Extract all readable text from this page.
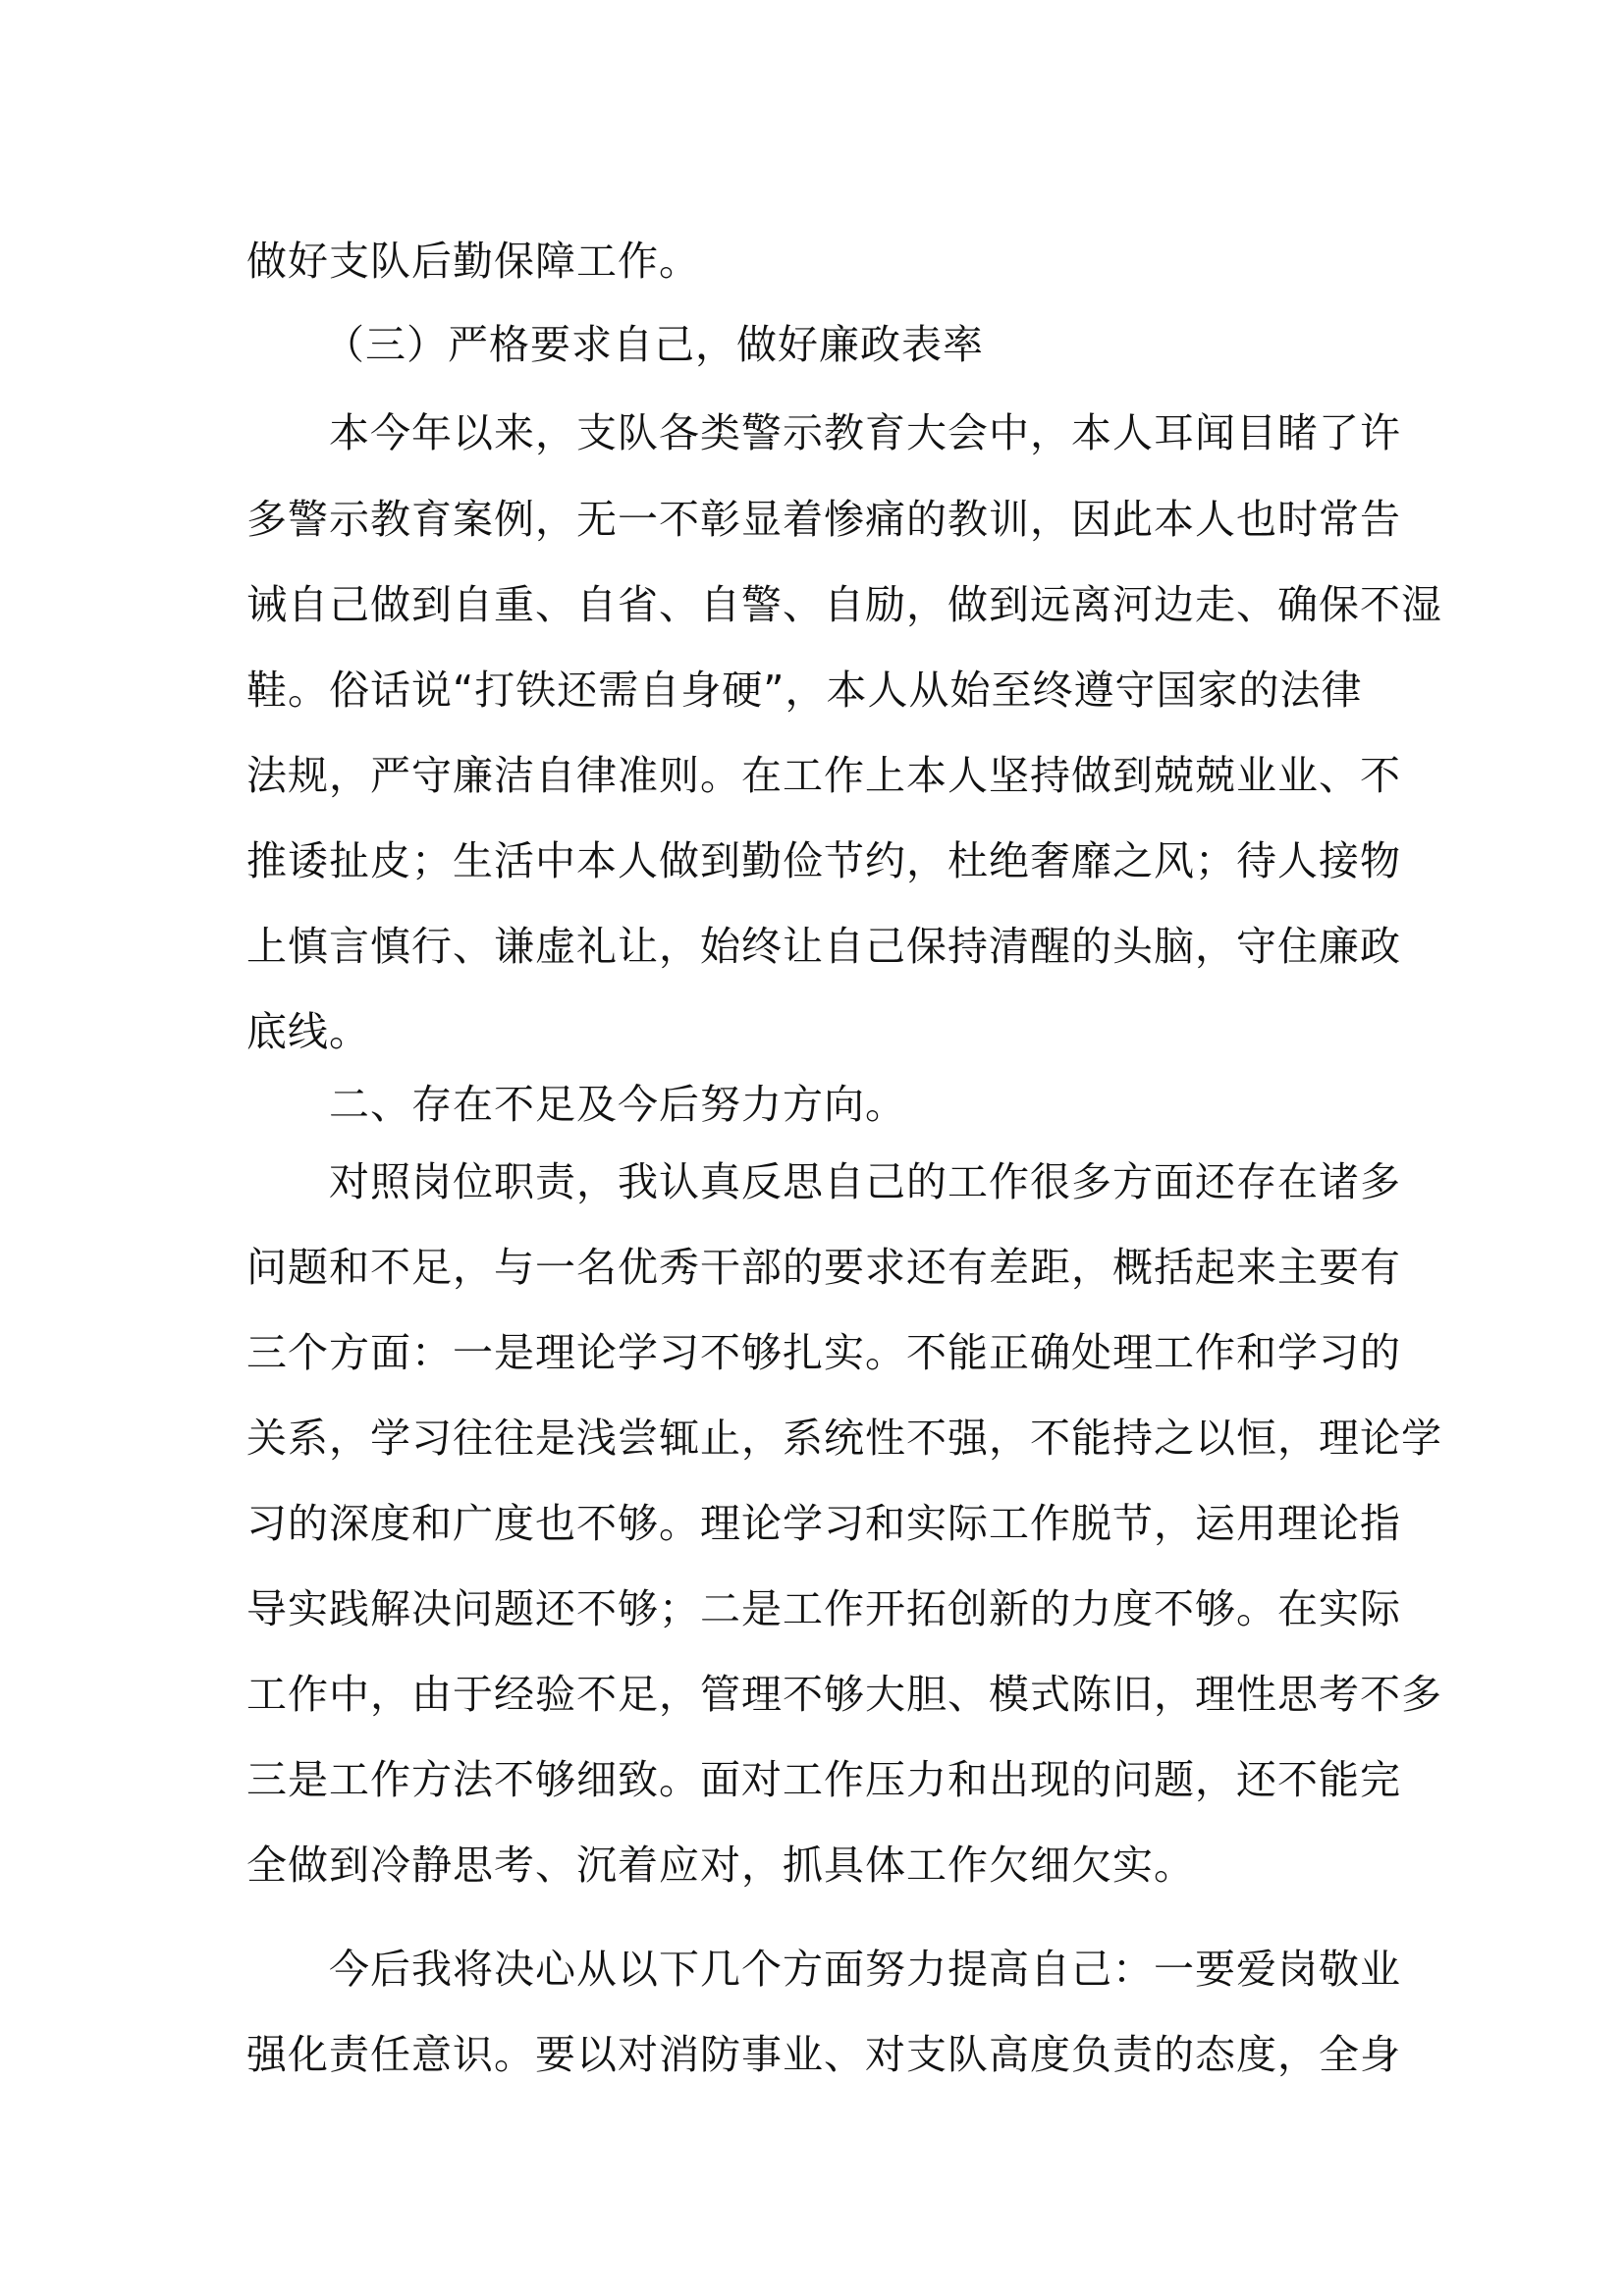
做好支队后勤保障工作。

（三）严格要求自己，做好廉政表率

本今年以来，支队各类警示教育大会中，本人耳闻目睹了许

多警示教育案例，无一不彰显着惨痛的教训，因此本人也时常告

诫自己做到自重、自省、自警、自励，做到远离河边走、确保不湿

鞋。俗话说“打铁还需自身硬”，本人从始至终遵守国家的法律

法规，严守廉洁自律准则。在工作上本人坚持做到兢兢业业、不

推诿扯皮；生活中本人做到勤俭节约，杜绝奢靡之风；待人接物

上慎言慎行、谦虚礼让，始终让自己保持清醒的头脑，守住廉政

底线。

二、存在不足及今后努力方向。

对照岗位职责，我认真反思自己的工作很多方面还存在诸多

问题和不足，与一名优秀干部的要求还有差距，概括起来主要有

三个方面：一是理论学习不够扎实。不能正确处理工作和学习的

关系，学习往往是浅尝辄止，系统性不强，不能持之以恒，理论学

习的深度和广度也不够。理论学习和实际工作脱节，运用理论指

导实践解决问题还不够；二是工作开拓创新的力度不够。在实际

工作中，由于经验不足，管理不够大胆、模式陈旧，理性思考不多

三是工作方法不够细致。面对工作压力和出现的问题，还不能完

全做到冷静思考、沉着应对，抓具体工作欠细欠实。

今后我将决心从以下几个方面努力提高自己：一要爱岗敬业

强化责任意识。要以对消防事业、对支队高度负责的态度，全身
